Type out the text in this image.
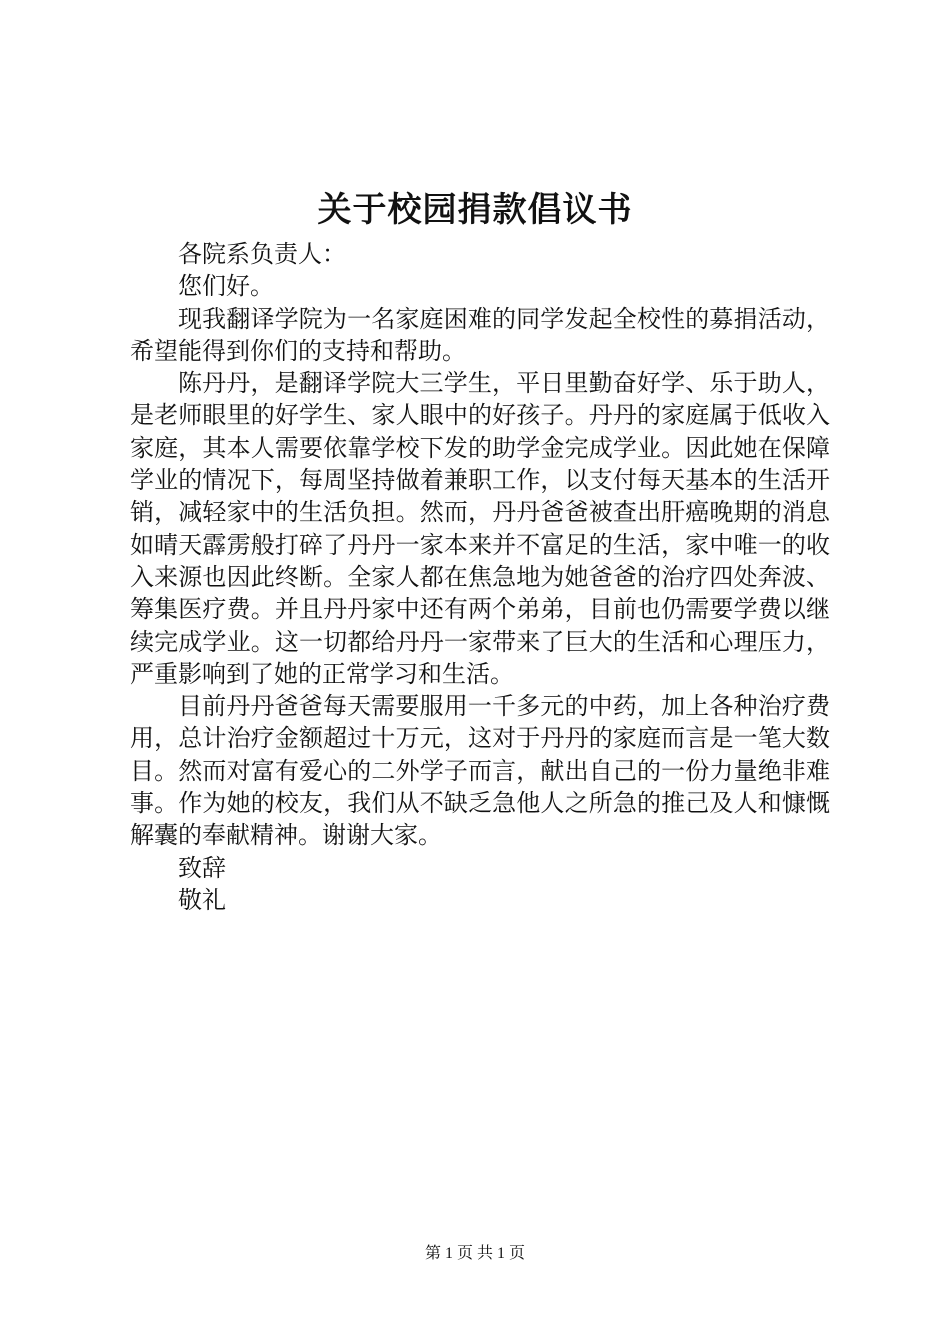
关于校园捐款倡议书

各院系负责人：

您们好。

现我翻译学院为一名家庭困难的同学发起全校性的募捐活动，希望能得到你们的支持和帮助。

陈丹丹，是翻译学院大三学生，平日里勤奋好学、乐于助人，是老师眼里的好学生、家人眼中的好孩子。丹丹的家庭属于低收入家庭，其本人需要依靠学校下发的助学金完成学业。因此她在保障学业的情况下，每周坚持做着兼职工作，以支付每天基本的生活开销，减轻家中的生活负担。然而，丹丹爸爸被查出肝癌晚期的消息如晴天霹雳般打碎了丹丹一家本来并不富足的生活，家中唯一的收入来源也因此终断。全家人都在焦急地为她爸爸的治疗四处奔波、筹集医疗费。并且丹丹家中还有两个弟弟，目前也仍需要学费以继续完成学业。这一切都给丹丹一家带来了巨大的生活和心理压力，严重影响到了她的正常学习和生活。

目前丹丹爸爸每天需要服用一千多元的中药，加上各种治疗费用，总计治疗金额超过十万元，这对于丹丹的家庭而言是一笔大数目。然而对富有爱心的二外学子而言，献出自己的一份力量绝非难事。作为她的校友，我们从不缺乏急他人之所急的推己及人和慷慨解囊的奉献精神。谢谢大家。

致辞

敬礼

第 1 页 共 1 页
